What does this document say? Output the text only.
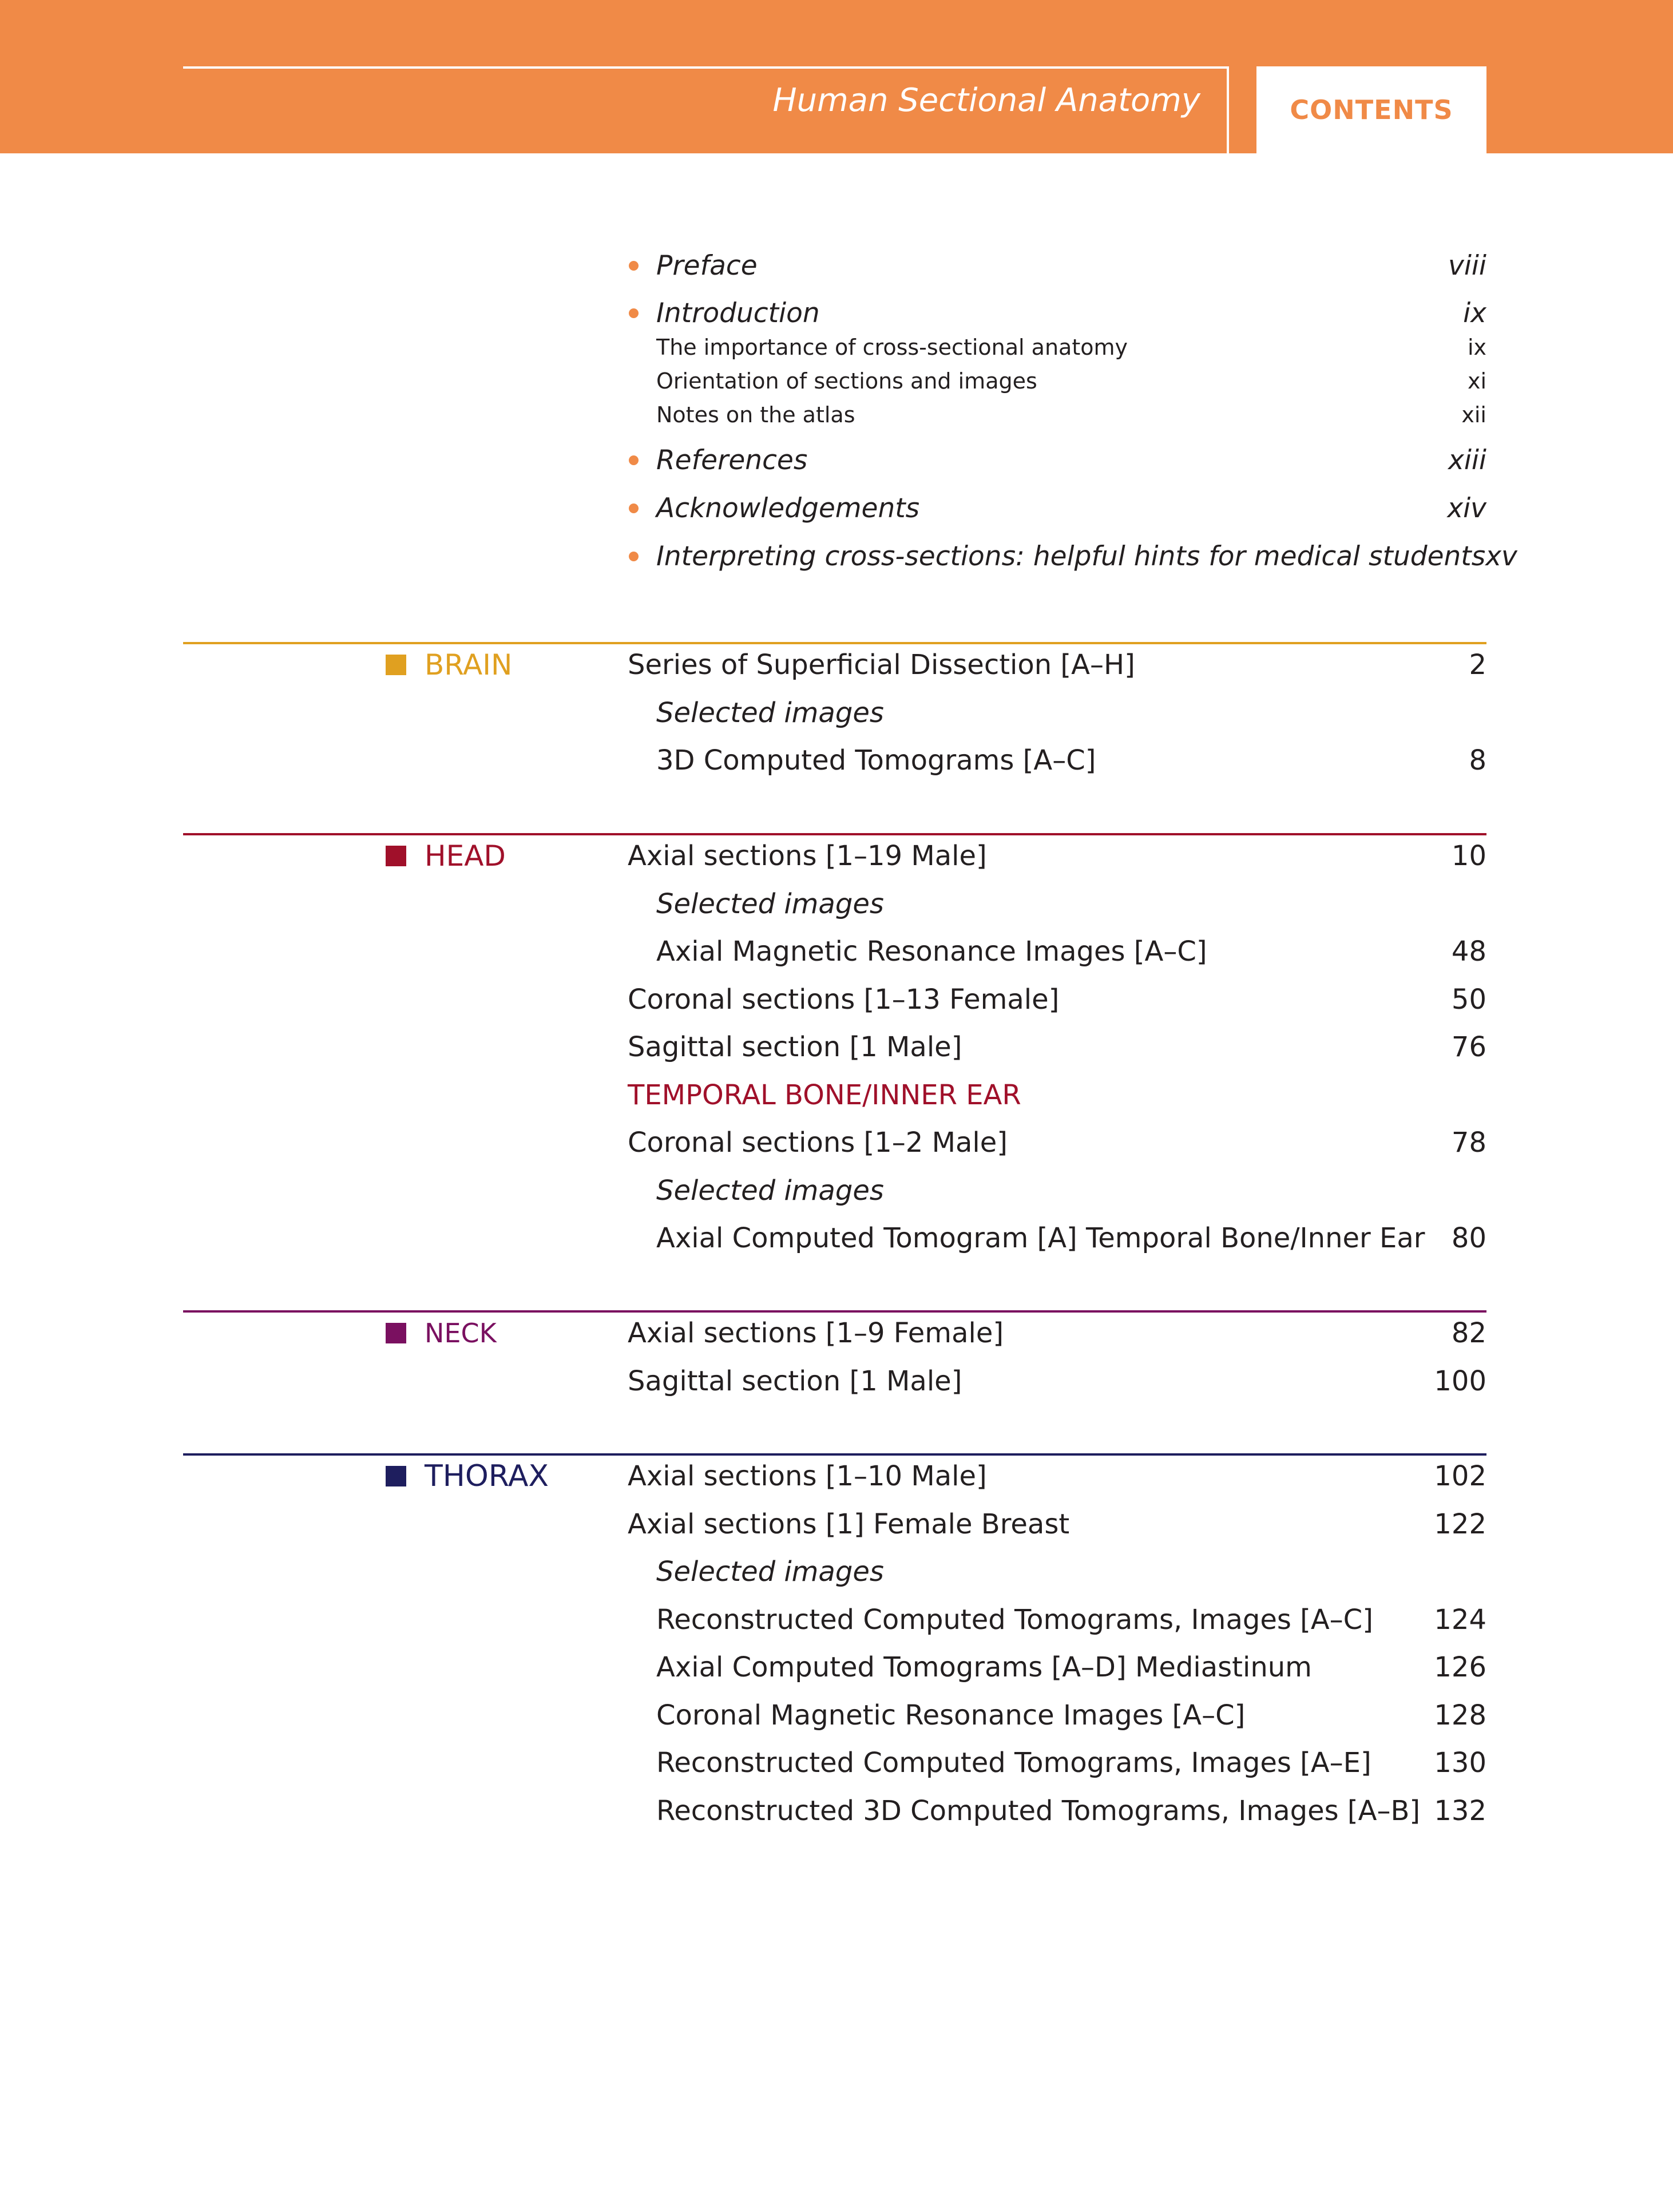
Human Sectional Anatomy	CONTENTS
Preface	viii
Introduction	ix
The importance of cross-sectional anatomy	ix
Orientation of sections and images	xi
Notes on the atlas	xii
References	xiii
Acknowledgements	xiv
Interpreting cross-sections: helpful hints for medical students xv
BRAIN	Series of Superficial Dissection [A–H]	2
Selected images
3D Computed Tomograms [A–C]	8
HEAD	Axial sections [1–19 Male]	10
Selected images
Axial Magnetic Resonance Images [A–C]	48
Coronal sections [1–13 Female]	50
Sagittal section [1 Male]	76
TEMPORAL BONE/INNER EAR
Coronal sections [1–2 Male]	78
Selected images
Axial Computed Tomogram [A] Temporal Bone/Inner Ear 80
NECK	Axial sections [1–9 Female]	82
Sagittal section [1 Male]	100
THORAX	Axial sections [1–10 Male]	102
Axial sections [1] Female Breast	122
Selected images
Reconstructed Computed Tomograms, Images [A–C] 124
Axial Computed Tomograms [A–D] Mediastinum	126
Coronal Magnetic Resonance Images [A–C]	128
Reconstructed Computed Tomograms, Images [A–E] 130
Reconstructed 3D Computed Tomograms, Images [A–B] 132
